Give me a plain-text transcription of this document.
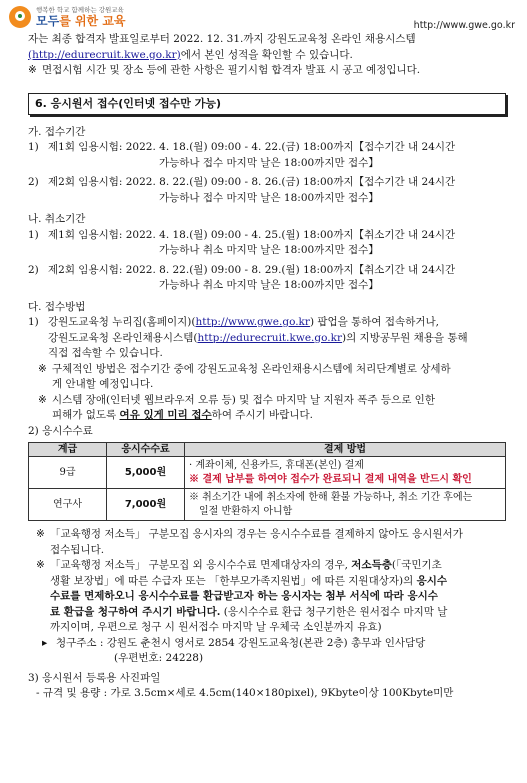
행복한 학교 함께하는 강원교육
모두를 위한 교육	http://www.gwe.go.kr
자는 최종 합격자 발표일로부터 2022. 12. 31.까지 강원도교육청 온라인 채용시스템
(http://edurecruit.kwe.go.kr)에서 본인 성적을 확인할 수 있습니다.
※ 면접시험 시간 및 장소 등에 관한 사항은 필기시험 합격자 발표 시 공고 예정입니다.
6. 응시원서 접수(인터넷 접수만 가능)
가. 접수기간
1) 제1회 임용시험: 2022. 4. 18.(월) 09:00 - 4. 22.(금) 18:00까지【접수기간 내 24시간
가능하나 접수 마지막 날은 18:00까지만 접수】
2) 제2회 임용시험: 2022. 8. 22.(월) 09:00 - 8. 26.(금) 18:00까지【접수기간 내 24시간
가능하나 접수 마지막 날은 18:00까지만 접수】
나. 취소기간
1) 제1회 임용시험: 2022. 4. 18.(월) 09:00 - 4. 25.(월) 18:00까지【취소기간 내 24시간
가능하나 취소 마지막 날은 18:00까지만 접수】
2) 제2회 임용시험: 2022. 8. 22.(월) 09:00 - 8. 29.(월) 18:00까지【취소기간 내 24시간
가능하나 취소 마지막 날은 18:00까지만 접수】
다. 접수방법
1) 강원도교육청 누리집(홈페이지)(http://www.gwe.go.kr) 팝업을 통하여 접속하거나,
강원도교육청 온라인채용시스템(http://edurecruit.kwe.go.kr)의 지방공무원 채용을 통해
직접 접속할 수 있습니다.
※ 구체적인 방법은 접수기간 중에 강원도교육청 온라인채용시스템에 처리단계별로 상세하
게 안내할 예정입니다.
※ 시스템 장애(인터넷 웹브라우저 오류 등) 및 접수 마지막 날 지원자 폭주 등으로 인한
피해가 없도록 여유 있게 미리 접수하여 주시기 바랍니다.
2) 응시수수료
계급	응시수수료	결제 방법
9급	5,000원	· 계좌이체, 신용카드, 휴대폰(본인) 결제
※ 결제 납부를 하여야 접수가 완료되니 결제 내역을 반드시 확인

연구사	7,000원	※ 취소기간 내에 취소자에 한해 환불 가능하나, 취소 기간 후에는
일절 반환하지 아니함
※ 「교육행정 저소득」 구분모집 응시자의 경우는 응시수수료를 결제하지 않아도 응시원서가
접수됩니다.
※ 「교육행정 저소득」 구분모집 외 응시수수료 면제대상자의 경우, 저소득층(「국민기초
생활 보장법」에 따른 수급자 또는 「한부모가족지원법」에 따른 지원대상자)의 응시수
수료를 면제하오니 응시수수료를 환급받고자 하는 응시자는 첨부 서식에 따라 응시수
료 환급을 청구하여 주시기 바랍니다. (응시수수료 환급 청구기한은 원서접수 마지막 날
까지이며, 우편으로 청구 시 원서접수 마지막 날 우체국 소인분까지 유효)
▸ 청구주소 : 강원도 춘천시 영서로 2854 강원도교육청(본관 2층) 총무과 인사담당
(우편번호: 24228)
3) 응시원서 등록용 사진파일
- 규격 및 용량 : 가로 3.5cm×세로 4.5cm(140×180pixel), 9Kbyte이상 100Kbyte미만
